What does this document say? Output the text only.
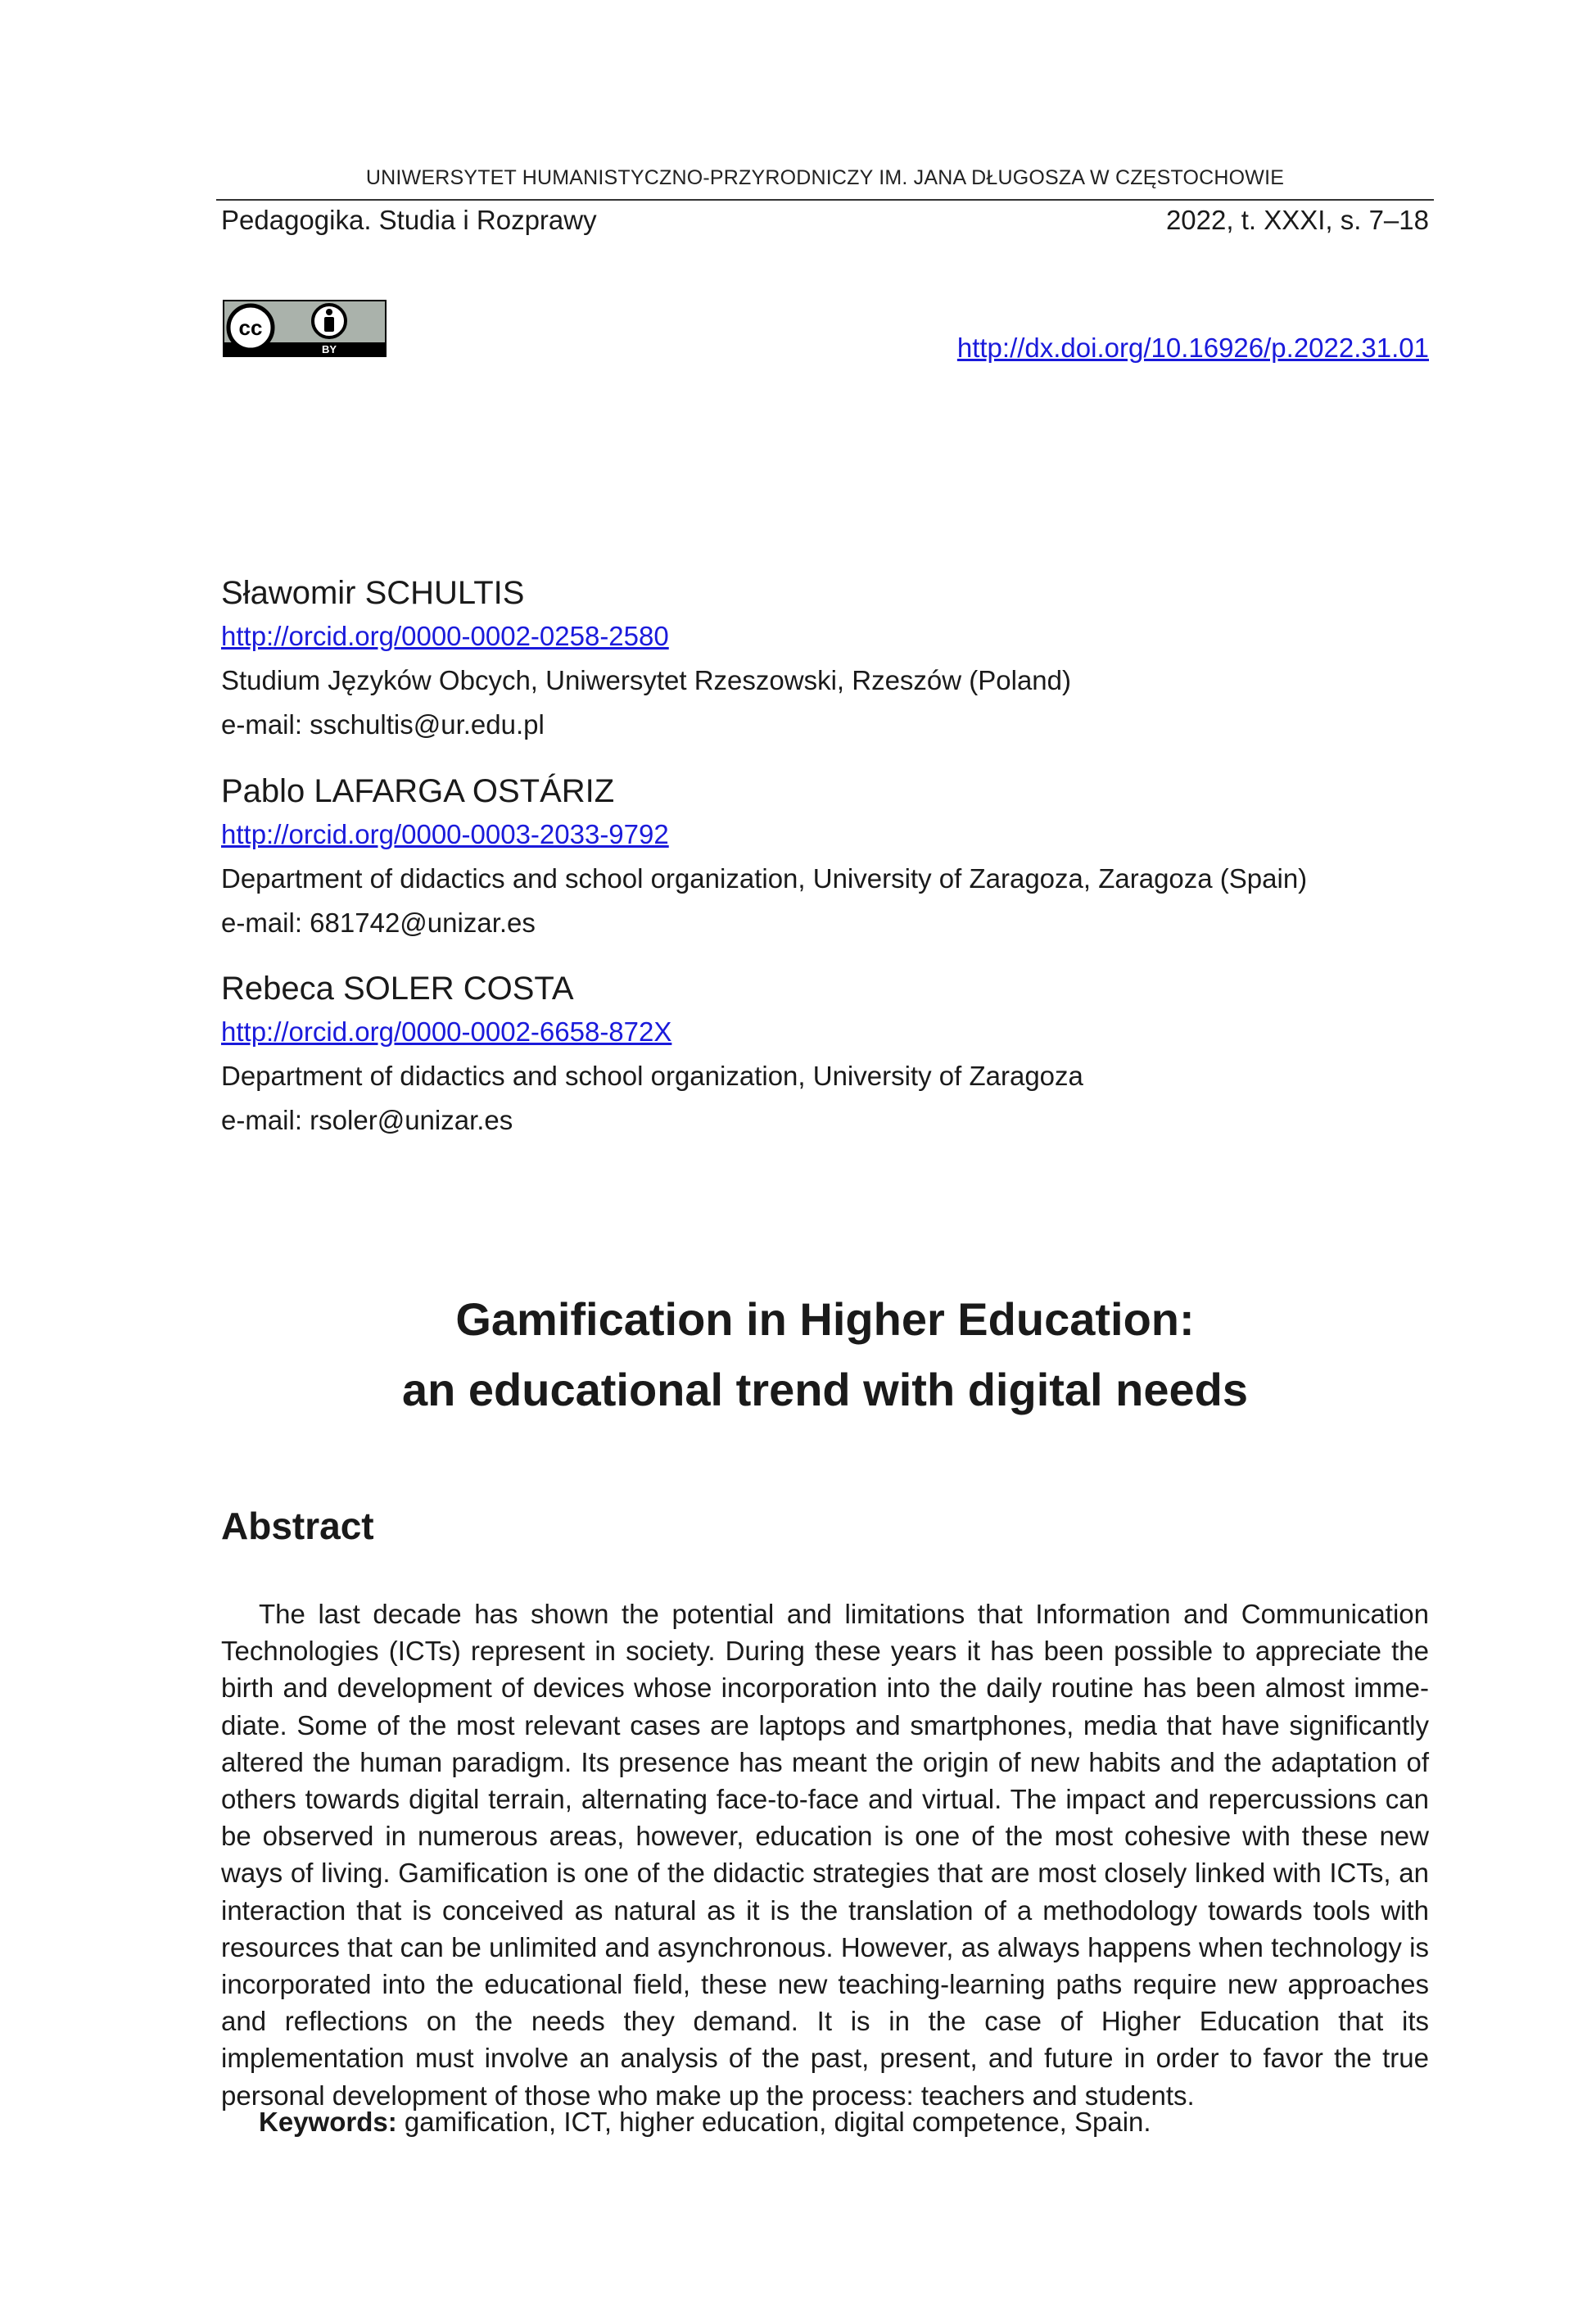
UNIWERSYTET HUMANISTYCZNO-PRZYRODNICZY IM. JANA DŁUGOSZA W CZĘSTOCHOWIE
Pedagogika. Studia i Rozprawy	2022, t. XXXI, s. 7–18
cc
BY	http://dx.doi.org/10.16926/p.2022.31.01
Sławomir SCHULTIS
http://orcid.org/0000-0002-0258-2580
Studium Języków Obcych, Uniwersytet Rzeszowski, Rzeszów (Poland)
e-mail: sschultis@ur.edu.pl
Pablo LAFARGA OSTÁRIZ
http://orcid.org/0000-0003-2033-9792
Department of didactics and school organization, University of Zaragoza, Zaragoza (Spain)
e-mail: 681742@unizar.es
Rebeca SOLER COSTA
http://orcid.org/0000-0002-6658-872X
Department of didactics and school organization, University of Zaragoza
e-mail: rsoler@unizar.es
Gamification in Higher Education:
an educational trend with digital needs
Abstract

The last decade has shown the potential and limitations that Information and Communication Technologies (ICTs) represent in society. During these years it has been possible to appreciate the birth and development of devices whose incorporation into the daily routine has been almost immediate. Some of the most relevant cases are laptops and smartphones, media that have significantly altered the human paradigm. Its presence has meant the origin of new habits and the adaptation of others towards digital terrain, alternating face-to-face and virtual. The impact and repercussions can be observed in numerous areas, however, education is one of the most cohesive with these new ways of living. Gamification is one of the didactic strategies that are most closely linked with ICTs, an interaction that is conceived as natural as it is the translation of a methodology towards tools with resources that can be unlimited and asynchronous. However, as always happens when technology is incorporated into the educational field, these new teaching-learning paths require new approaches and reflections on the needs they demand. It is in the case of Higher Education that its implementation must involve an analysis of the past, present, and future in order to favor the true personal development of those who make up the process: teachers and students.

Keywords: gamification, ICT, higher education, digital competence, Spain.
